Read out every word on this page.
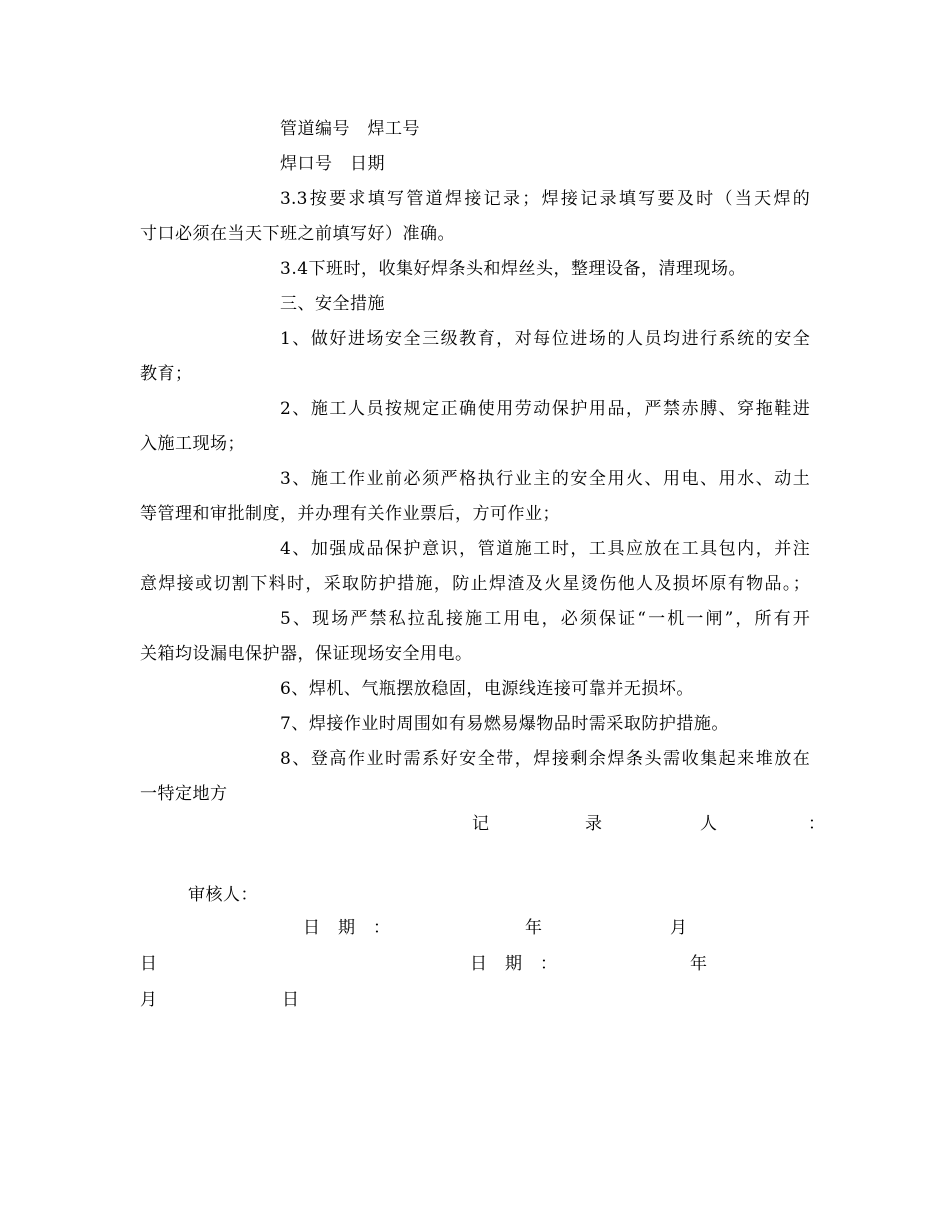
管道编号　焊工号
焊口号　日期
3.3按要求填写管道焊接记录；焊接记录填写要及时（当天焊的
寸口必须在当天下班之前填写好）准确。
3.4下班时，收集好焊条头和焊丝头，整理设备，清理现场。
三、安全措施
1、做好进场安全三级教育，对每位进场的人员均进行系统的安全
教育；
2、施工人员按规定正确使用劳动保护用品，严禁赤膊、穿拖鞋进
入施工现场；
3、施工作业前必须严格执行业主的安全用火、用电、用水、动土
等管理和审批制度，并办理有关作业票后，方可作业；
4、加强成品保护意识，管道施工时，工具应放在工具包内，并注
意焊接或切割下料时，采取防护措施，防止焊渣及火星烫伤他人及损坏原有物品。；
5、现场严禁私拉乱接施工用电，必须保证“一机一闸”，所有开
关箱均设漏电保护器，保证现场安全用电。
6、焊机、气瓶摆放稳固，电源线连接可靠并无损坏。
7、焊接作业时周围如有易燃易爆物品时需采取防护措施。
8、登高作业时需系好安全带，焊接剩余焊条头需收集起来堆放在
一特定地方
记	录	人	：
审核人：
日　期　：	年	月
日	日　期　：	年
月	日
